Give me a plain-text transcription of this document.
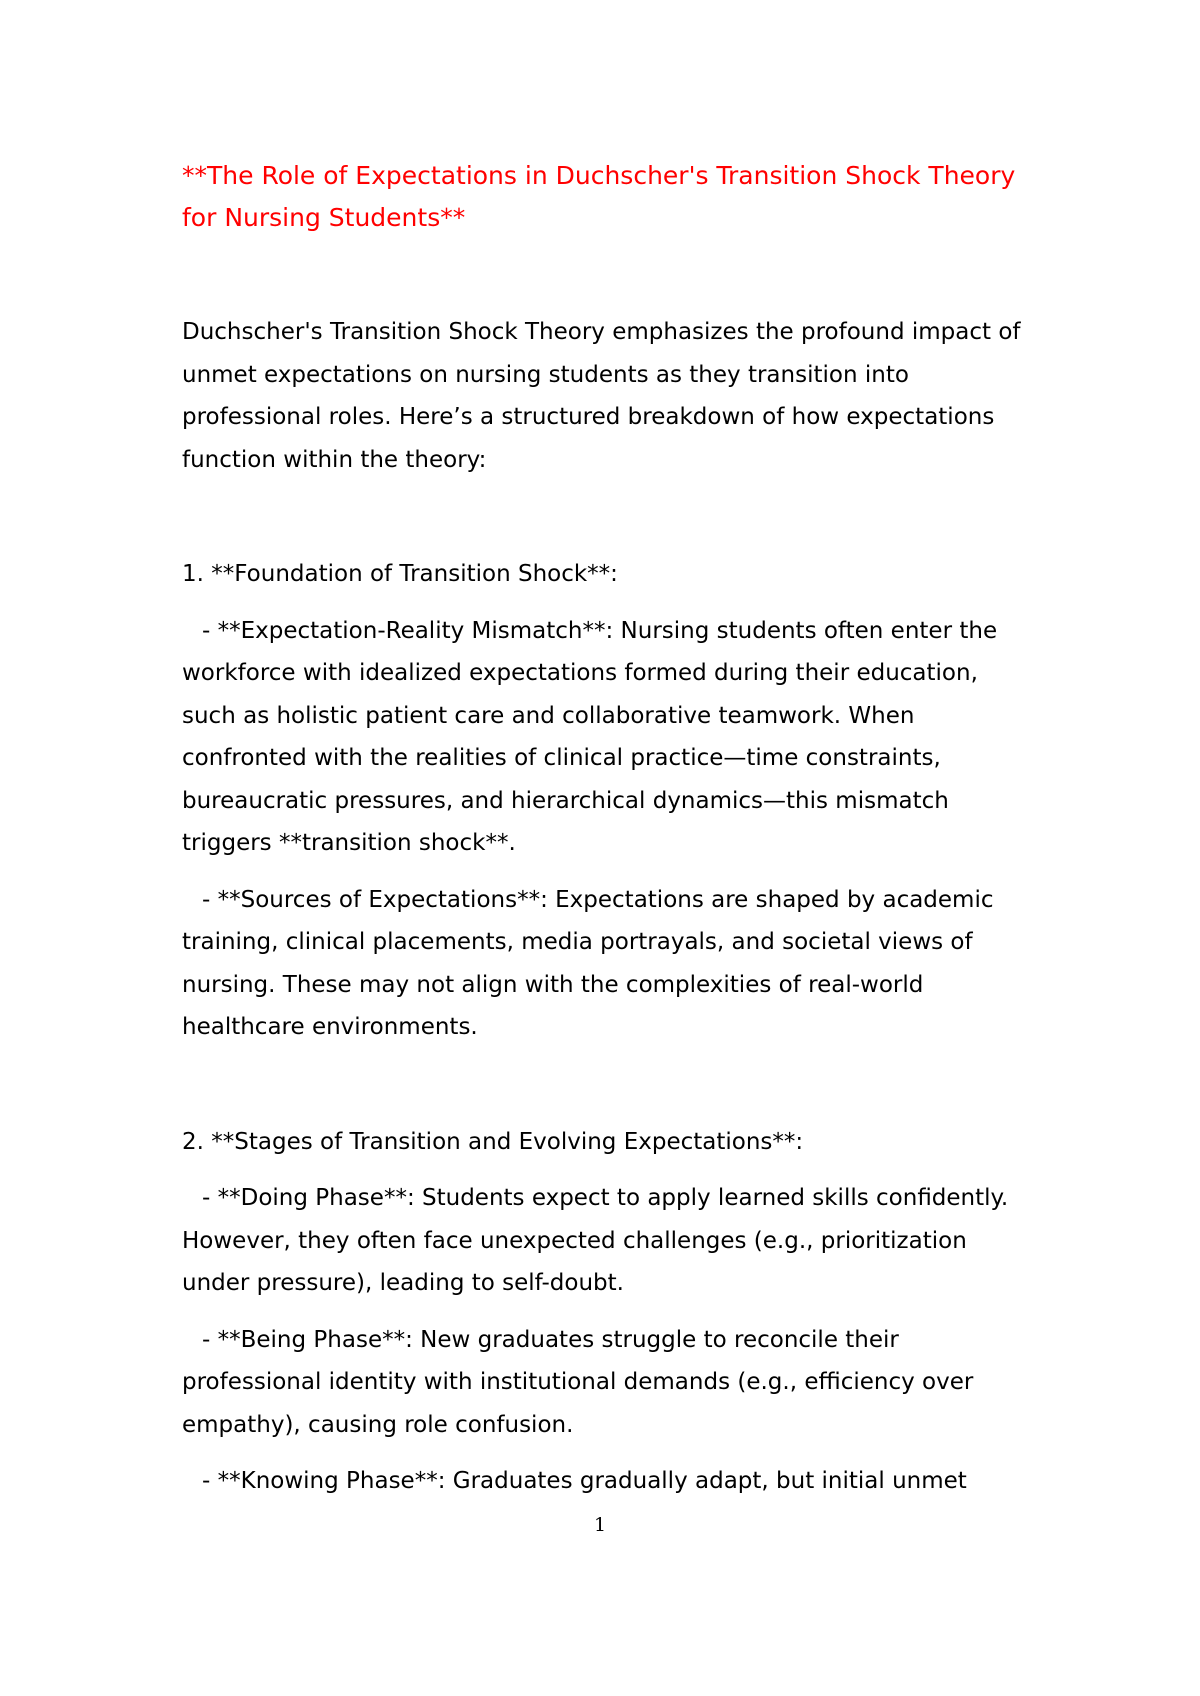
**The Role of Expectations in Duchscher's Transition Shock Theory for Nursing Students**

Duchscher's Transition Shock Theory emphasizes the profound impact of unmet expectations on nursing students as they transition into professional roles. Here’s a structured breakdown of how expectations function within the theory:

1. **Foundation of Transition Shock**:

- **Expectation-Reality Mismatch**: Nursing students often enter the workforce with idealized expectations formed during their education, such as holistic patient care and collaborative teamwork. When confronted with the realities of clinical practice—time constraints, bureaucratic pressures, and hierarchical dynamics—this mismatch triggers **transition shock**.

- **Sources of Expectations**: Expectations are shaped by academic training, clinical placements, media portrayals, and societal views of nursing. These may not align with the complexities of real-world healthcare environments.

2. **Stages of Transition and Evolving Expectations**:

- **Doing Phase**: Students expect to apply learned skills confidently. However, they often face unexpected challenges (e.g., prioritization under pressure), leading to self-doubt.

- **Being Phase**: New graduates struggle to reconcile their professional identity with institutional demands (e.g., efficiency over empathy), causing role confusion.

- **Knowing Phase**: Graduates gradually adapt, but initial unmet

1
